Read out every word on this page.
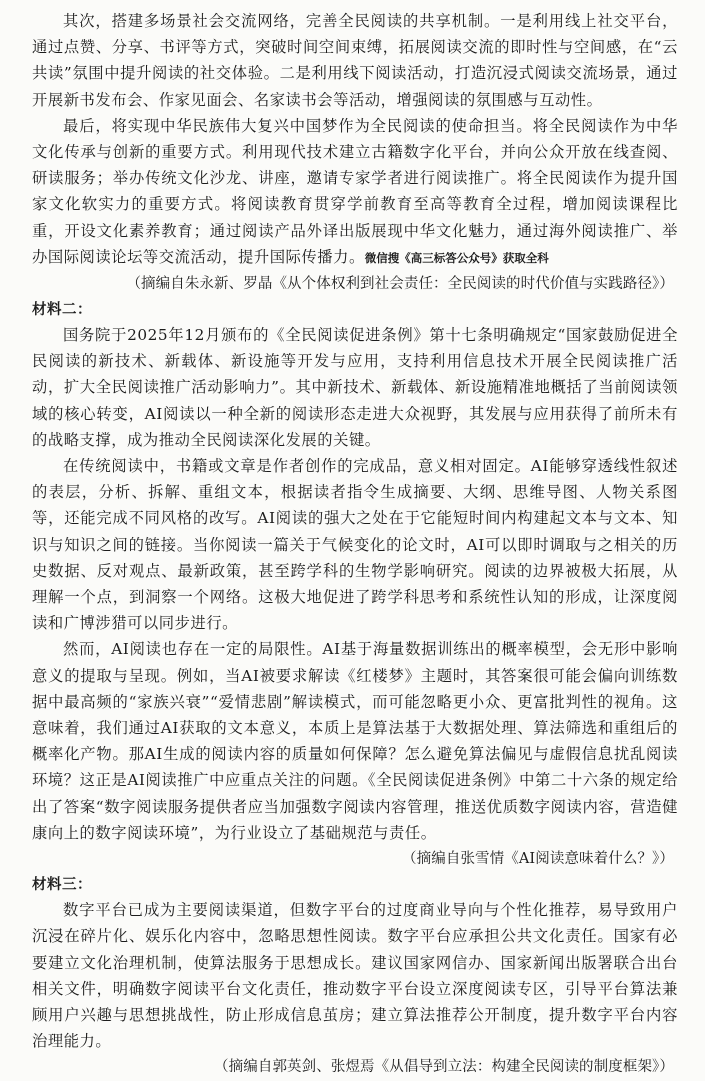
其次，搭建多场景社会交流网络，完善全民阅读的共享机制。一是利用线上社交平台，通过点赞、分享、书评等方式，突破时间空间束缚，拓展阅读交流的即时性与空间感，在“云共读”氛围中提升阅读的社交体验。二是利用线下阅读活动，打造沉浸式阅读交流场景，通过开展新书发布会、作家见面会、名家读书会等活动，增强阅读的氛围感与互动性。

最后，将实现中华民族伟大复兴中国梦作为全民阅读的使命担当。将全民阅读作为中华文化传承与创新的重要方式。利用现代技术建立古籍数字化平台，并向公众开放在线查阅、研读服务；举办传统文化沙龙、讲座，邀请专家学者进行阅读推广。将全民阅读作为提升国家文化软实力的重要方式。将阅读教育贯穿学前教育至高等教育全过程，增加阅读课程比重，开设文化素养教育；通过阅读产品外译出版展现中华文化魅力，通过海外阅读推广、举办国际阅读论坛等交流活动，提升国际传播力。微信搜《高三标答公众号》获取全科

（摘编自朱永新、罗晶《从个体权利到社会责任：全民阅读的时代价值与实践路径》）

材料二：

国务院于2025年12月颁布的《全民阅读促进条例》第十七条明确规定“国家鼓励促进全民阅读的新技术、新载体、新设施等开发与应用，支持利用信息技术开展全民阅读推广活动，扩大全民阅读推广活动影响力”。其中新技术、新载体、新设施精准地概括了当前阅读领域的核心转变，AI阅读以一种全新的阅读形态走进大众视野，其发展与应用获得了前所未有的战略支撑，成为推动全民阅读深化发展的关键。

在传统阅读中，书籍或文章是作者创作的完成品，意义相对固定。AI能够穿透线性叙述的表层，分析、拆解、重组文本，根据读者指令生成摘要、大纲、思维导图、人物关系图等，还能完成不同风格的改写。AI阅读的强大之处在于它能短时间内构建起文本与文本、知识与知识之间的链接。当你阅读一篇关于气候变化的论文时，AI可以即时调取与之相关的历史数据、反对观点、最新政策，甚至跨学科的生物学影响研究。阅读的边界被极大拓展，从理解一个点，到洞察一个网络。这极大地促进了跨学科思考和系统性认知的形成，让深度阅读和广博涉猎可以同步进行。

然而，AI阅读也存在一定的局限性。AI基于海量数据训练出的概率模型，会无形中影响意义的提取与呈现。例如，当AI被要求解读《红楼梦》主题时，其答案很可能会偏向训练数据中最高频的“家族兴衰”“爱情悲剧”解读模式，而可能忽略更小众、更富批判性的视角。这意味着，我们通过AI获取的文本意义，本质上是算法基于大数据处理、算法筛选和重组后的概率化产物。那AI生成的阅读内容的质量如何保障？怎么避免算法偏见与虚假信息扰乱阅读环境？这正是AI阅读推广中应重点关注的问题。《全民阅读促进条例》中第二十六条的规定给出了答案“数字阅读服务提供者应当加强数字阅读内容管理，推送优质数字阅读内容，营造健康向上的数字阅读环境”，为行业设立了基础规范与责任。

（摘编自张雪情《AI阅读意味着什么？》）

材料三：

数字平台已成为主要阅读渠道，但数字平台的过度商业导向与个性化推荐，易导致用户沉浸在碎片化、娱乐化内容中，忽略思想性阅读。数字平台应承担公共文化责任。国家有必要建立文化治理机制，使算法服务于思想成长。建议国家网信办、国家新闻出版署联合出台相关文件，明确数字阅读平台文化责任，推动数字平台设立深度阅读专区，引导平台算法兼顾用户兴趣与思想挑战性，防止形成信息茧房；建立算法推荐公开制度，提升数字平台内容治理能力。

（摘编自郭英剑、张煜焉《从倡导到立法：构建全民阅读的制度框架》）
